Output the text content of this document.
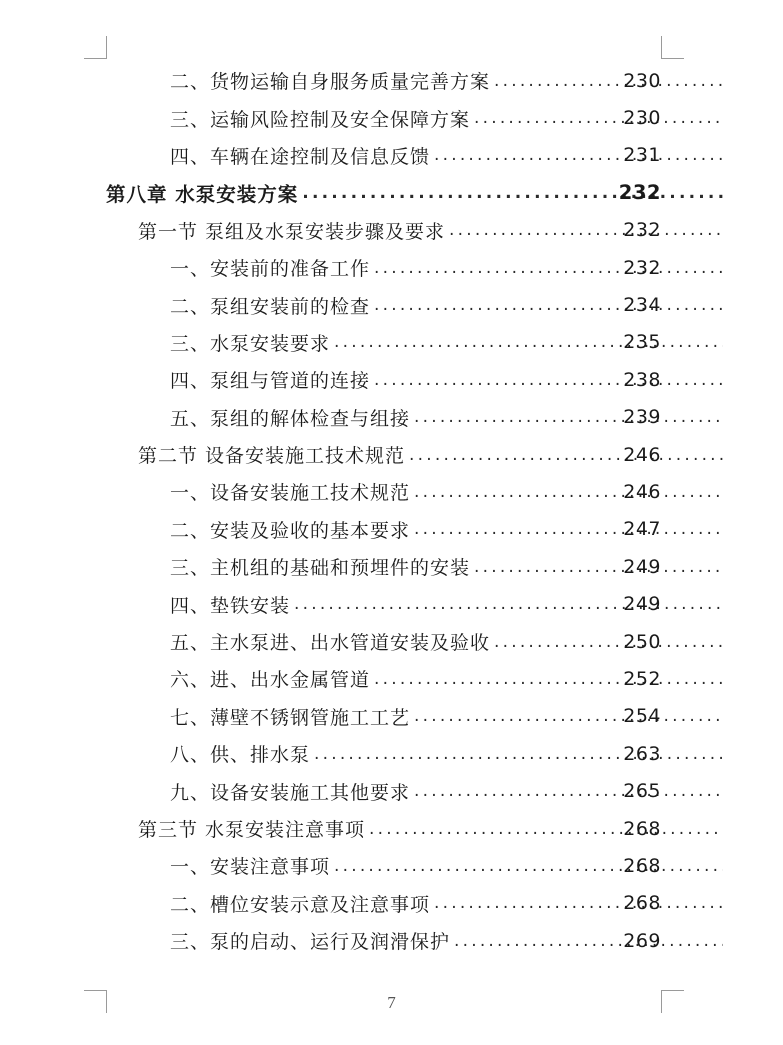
二、货物运输自身服务质量完善方案 .....	230
三、运输风险控制及安全保障方案 .....	230
四、车辆在途控制及信息反馈 .....	231
第八章 水泵安装方案 .....	232
第一节 泵组及水泵安装步骤及要求 .....	232
一、安装前的准备工作 .....	232
二、泵组安装前的检查 .....	234
三、水泵安装要求 .....	235
四、泵组与管道的连接 .....	238
五、泵组的解体检查与组接 .....	239
第二节 设备安装施工技术规范 .....	246
一、设备安装施工技术规范 .....	246
二、安装及验收的基本要求 .....	247
三、主机组的基础和预埋件的安装 .....	249
四、垫铁安装 .....	249
五、主水泵进、出水管道安装及验收 .....	250
六、进、出水金属管道 .....	252
七、薄壁不锈钢管施工工艺 .....	254
八、供、排水泵 .....	263
九、设备安装施工其他要求 .....	265
第三节 水泵安装注意事项 .....	268
一、安装注意事项 .....	268
二、槽位安装示意及注意事项 .....	268
三、泵的启动、运行及润滑保护 .....	269
7
